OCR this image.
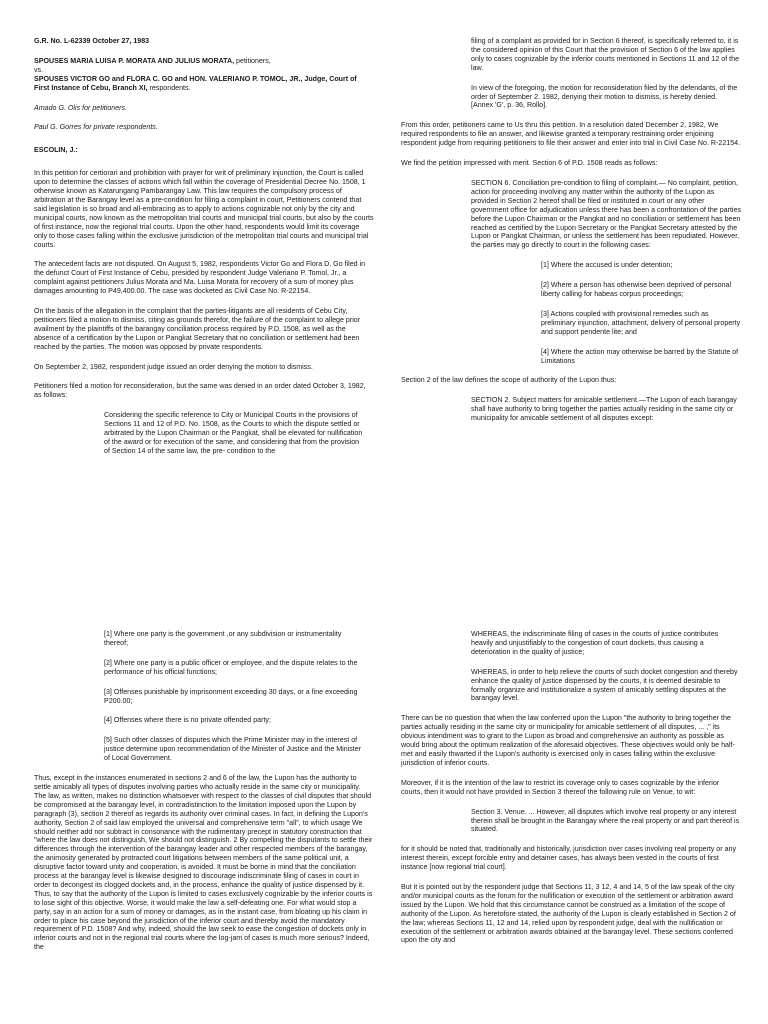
G.R. No. L-62339 October 27, 1983

SPOUSES MARIA LUISA P. MORATA AND JULIUS MORATA, petitioners,
vs.
SPOUSES VICTOR GO and FLORA C. GO and HON. VALERIANO P. TOMOL, JR., Judge, Court of First Instance of Cebu, Branch XI, respondents.

Amado G. Olis for petitioners.

Paul G. Gorres for private respondents.

ESCOLIN, J.:

In this petition for certiorari and prohibition with prayer for writ of preliminary injunction, the Court is called upon to determine the classes of actions which fall within the coverage of Presidential Decree No. 1508, 1 otherwise known as Katarungang Pambarangay Law. This law requires the compulsory process of arbitration at the Barangay level as a pre-condition for filing a complaint in court, Petitioners contend that said legislation is so broad and all-embracing as to apply to actions cognizable not only by the city and municipal courts, now known as the metropolitan trial courts and municipal trial courts, but also by the courts of first instance, now the regional trial courts. Upon the other hand, respondents would limit its coverage only to those cases falling within the exclusive jurisdiction of the metropolitan trial courts and municipal trial courts.

The antecedent facts are not disputed. On August 5, 1982, respondents Victor Go and Flora D. Go filed in the defunct Court of First Instance of Cebu, presided by respondent Judge Valeriano P. Tomol, Jr., a complaint against petitioners Julius Morata and Ma. Luisa Morata for recovery of a sum of money plus damages amounting to P49,400.00. The case was docketed as Civil Case No. R-22154.

On the basis of the allegation in the complaint that the parties-litigants are all residents of Cebu City, petitioners filed a motion to dismiss, citing as grounds therefor, the failure of the complaint to allege prior availment by the plaintiffs of the barangay conciliation process required by P.D. 1508, as well as the absence of a certification by the Lupon or Pangkat Secretary that no conciliation or settlement had been reached by the parties. The motion was opposed by private respondents.

On September 2, 1982, respondent judge issued an order denying the motion to dismiss.

Petitioners filed a motion for reconsideration, but the same was denied in an order dated October 3, 1982, as follows:

Considering the specific reference to City or Municipal Courts in the provisions of Sections 11 and 12 of P.D. No. 1508, as the Courts to which the dispute settled or arbitrated by the Lupon Chairman or the Pangkat, shall be elevated for nullification of the award or for execution of the same, and considering that from the provision of Section 14 of the same law, the pre- condition to the

filing of a complaint as provided for in Section 6 thereof, is specifically referred to, it is the considered opinion of this Court that the provision of Section 6 of the law applies only to cases cognizable by the inferior courts mentioned in Sections 11 and 12 of the law.

In view of the foregoing, the motion for reconsideration filed by the defendants, of the order of September 2. 1982, denying their motion to dismiss, is hereby denied. [Annex 'G', p. 36, Rollo].

From this order, petitioners came to Us thru this petition. In a resolution dated December 2, 1982, We required respondents to file an answer, and likewise granted a temporary restraining order enjoining respondent judge from requiring petitioners to file their answer and enter into trial in Civil Case No. R-22154.

We find the petition impressed with merit. Section 6 of P.D. 1508 reads as follows:

SECTION 6. Conciliation pre-condition to filing of complaint.— No complaint, petition, action for proceeding involving any matter within the authority of the Lupon as provided in Section 2 hereof shall be filed or instituted in court or any other government office for adjudication unless there has been a confrontation of the parties before the Lupon Chairman or the Pangkat and no conciliation or settlement has been reached as certified by the Lupon Secretary or the Pangkat Secretary attested by the Lupon or Pangkat Chairman, or unless the settlement has been repudiated. However, the parties may go directly to court in the following cases:

[1] Where the accused is under detention;

[2] Where a person has otherwise been deprived of personal liberty calling for habeas corpus proceedings;

[3] Actions coupled with provisional remedies such as preliminary injunction, attachment, delivery of personal property and support pendente lite; and

[4] Where the action may otherwise be barred by the Statute of Limitations

Section 2 of the law defines the scope of authority of the Lupon thus:

SECTION 2. Subject matters for amicable settlement.—The Lupon of each barangay shall have authority to bring together the parties actually residing in the same city or municipality for amicable settlement of all disputes except:

[1] Where one party is the government ,or any subdivision or instrumentality thereof;

[2] Where one party is a public officer or employee, and the dispute relates to the performance of his official functions;

[3] Offenses punishable by imprisonment exceeding 30 days, or a fine exceeding P200.00;

[4] Offenses where there is no private offended party;

[5] Such other classes of disputes which the Prime Minister may in the interest of justice determine upon recommendation of the Minister of Justice and the Minister of Local Government.

Thus, except in the instances enumerated in sections 2 and 6 of the law, the Lupon has the authority to settle amicably all types of disputes involving parties who actually reside in the same city or municipality. The law, as written, makes no distinction whatsoever with respect to the classes of civil disputes that should be compromised at the barangay level, in contradistinction to the limitation imposed upon the Lupon by paragraph (3), section 2 thereof as regards its authority over criminal cases. In fact, in defining the Lupon's authority, Section 2 of said law employed the universal and comprehensive term "all", to which usage We should neither add nor subtract in consonance with the rudimentary precept in statutory construction that "where the law does not distinguish, We should not distinguish. 2 By compelling the disputants to settle their differences through the intervention of the barangay leader and other respected members of the barangay, the animosity generated by protracted court litigations between members of the same political unit, a disruptive factor toward unity and cooperation, is avoided. It must be borne in mind that the conciliation process at the barangay level is likewise designed to discourage indiscriminate filing of cases in court in order to decongest its clogged dockets and, in the process, enhance the quality of justice dispensed by it. Thus, to say that the authority of the Lupon is limited to cases exclusively cognizable by the inferior courts is to lose sight of this objective. Worse, it would make the law a self-defeating one. For what would stop a party, say in an action for a sum of money or damages, as in the instant case, from bloating up his claim in order to place his case beyond the jurisdiction of the inferior court and thereby avoid the mandatory requirement of P.D. 1508? And why, indeed, should the law seek to ease the congestion of dockets only in inferior courts and not in the regional trial courts where the log-jam of cases is much more serious? Indeed, the

WHEREAS, the indiscriminate filing of cases in the courts of justice contributes heavily and unjustifiably to the congestion of court dockets, thus causing a deterioration in the quality of justice;

WHEREAS, in order to help relieve the courts of such docket congestion and thereby enhance the quality of justice dispensed by the courts, it is deemed desirable to formally organize and institutionalize a system of amicably settling disputes at the barangay level.

There can be no question that when the law conferred upon the Lupon "the authority to bring together the parties actually residing in the same city or municipality for amicable settlement of all disputes, ... ," its obvious intendment was to grant to the Lupon as broad and comprehensive an authority as possible as would bring about the optimum realization of the aforesaid objectives. These objectives would only be half-met and easily thwarted if the Lupon's authority is exercised only in cases falling within the exclusive jurisdiction of inferior courts.

Moreover, if it is the intention of the law to restrict its coverage only to cases cognizable by the inferior courts, then it would not have provided in Section 3 thereof the following rule on Venue, to wit:

Section 3. Venue. ... However, all disputes which involve real property or any interest therein shall be brought in the Barangay where the real property or and part thereof is situated.

for it should be noted that, traditionally and historically, jurisdiction over cases involving real property or any interest therein, except forcible entry and detainer cases, has always been vested in the courts of first instance [now regional trial court].

But it is pointed out by the respondent judge that Sections 11, 3 12, 4 and 14, 5 of the law speak of the city and/or municipal courts as the forum for the nullification or execution of the settlement or arbitration award issued by the Lupon. We hold that this circumstance cannot be construed as a limitation of the scope of authority of the Lupon. As heretofore stated, the authority of the Lupon is clearly established in Section 2 of the law; whereas Sections 11, 12 and 14, relied upon by respondent judge, deal with the nullification or execution of the settlement or arbitration awards obtained at the barangay level. These sections conferred upon the city and
